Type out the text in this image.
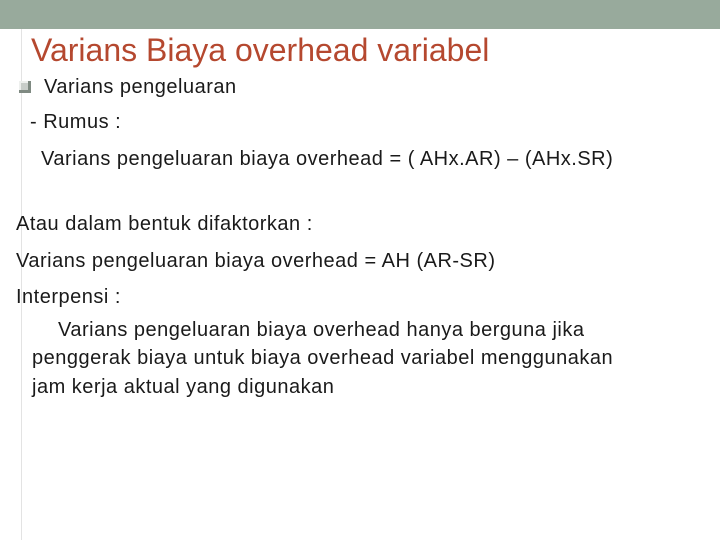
Varians Biaya overhead variabel
Varians pengeluaran
- Rumus :
Varians pengeluaran biaya overhead = ( AHx.AR) – (AHx.SR)
Atau dalam bentuk difaktorkan :
Varians pengeluaran biaya overhead = AH (AR-SR)
Interpensi :
Varians pengeluaran biaya overhead hanya berguna jika
penggerak biaya untuk biaya overhead variabel menggunakan
jam kerja aktual yang digunakan
